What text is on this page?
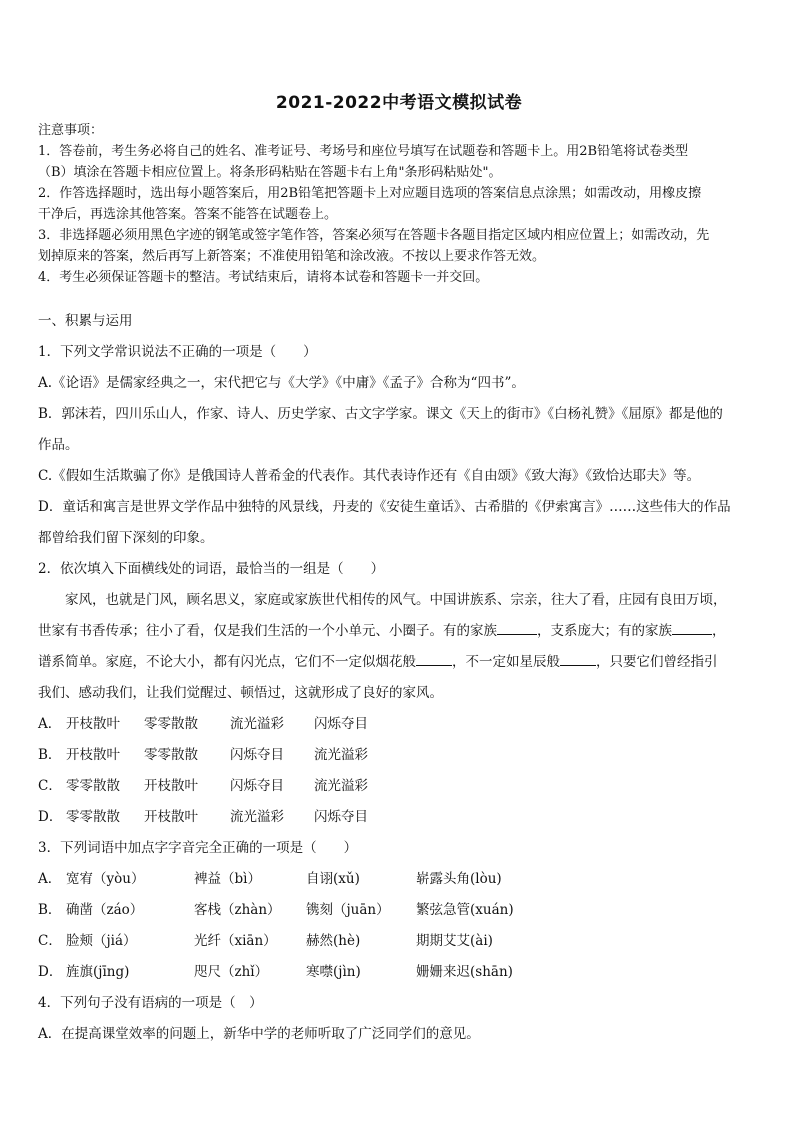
2021-2022中考语文模拟试卷
注意事项：
1．答卷前，考生务必将自己的姓名、准考证号、考场号和座位号填写在试题卷和答题卡上。用2B铅笔将试卷类型
（B）填涂在答题卡相应位置上。将条形码粘贴在答题卡右上角"条形码粘贴处"。
2．作答选择题时，选出每小题答案后，用2B铅笔把答题卡上对应题目选项的答案信息点涂黑；如需改动，用橡皮擦
干净后，再选涂其他答案。答案不能答在试题卷上。
3．非选择题必须用黑色字迹的钢笔或签字笔作答，答案必须写在答题卡各题目指定区域内相应位置上；如需改动，先
划掉原来的答案，然后再写上新答案；不准使用铅笔和涂改液。不按以上要求作答无效。
4．考生必须保证答题卡的整洁。考试结束后，请将本试卷和答题卡一并交回。
一、积累与运用
1．下列文学常识说法不正确的一项是（　　）
A.《论语》是儒家经典之一，宋代把它与《大学》《中庸》《孟子》合称为“四书”。
B．郭沫若，四川乐山人，作家、诗人、历史学家、古文字学家。课文《天上的街市》《白杨礼赞》《屈原》都是他的
作品。
C.《假如生活欺骗了你》是俄国诗人普希金的代表作。其代表诗作还有《自由颂》《致大海》《致恰达耶夫》等。
D．童话和寓言是世界文学作品中独特的风景线，丹麦的《安徒生童话》、古希腊的《伊索寓言》……这些伟大的作品
都曾给我们留下深刻的印象。
2．依次填入下面横线处的词语，最恰当的一组是（　　）
家风，也就是门风，顾名思义，家庭或家族世代相传的风气。中国讲族系、宗亲，往大了看，庄园有良田万顷，
世家有书香传承；往小了看，仅是我们生活的一个小单元、小圈子。有的家族	，支系庞大；有的家族	，
谱系简单。家庭，不论大小，都有闪光点，它们不一定似烟花般	，不一定如星辰般	，只要它们曾经指引
我们、感动我们，让我们觉醒过、顿悟过，这就形成了良好的家风。
A． 开枝散叶	零零散散	流光溢彩	闪烁夺目
B． 开枝散叶	零零散散	闪烁夺目	流光溢彩
C． 零零散散	开枝散叶	闪烁夺目	流光溢彩
D． 零零散散	开枝散叶	流光溢彩	闪烁夺目
3．下列词语中加点字字音完全正确的一项是（　　）
A． 宽宥（yòu）	裨益（bì）	自诩(xǔ)	崭露头角(lòu)
B． 确凿（záo）	客栈（zhàn）	镌刻（juān）	繁弦急管(xuán)
C． 脸颊（jiá）	光纤（xiān）	赫然(hè)	期期艾艾(ài)
D． 旌旗(jīng)	咫尺（zhǐ）	寒噤(jìn)	姗姗来迟(shān)
4．下列句子没有语病的一项是（　）
A．在提高课堂效率的问题上，新华中学的老师听取了广泛同学们的意见。
